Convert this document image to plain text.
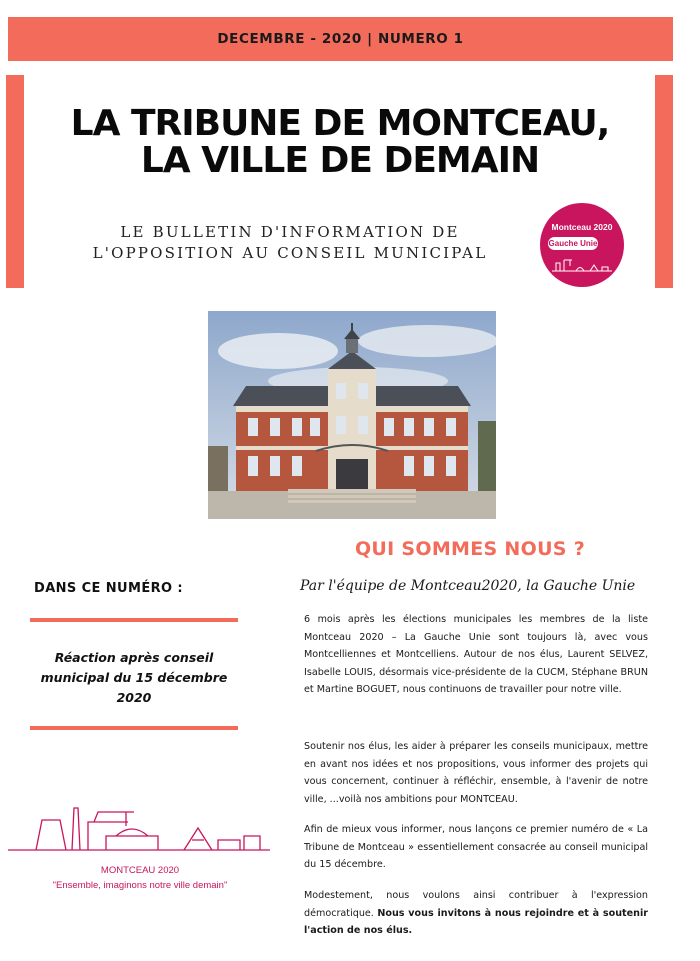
DECEMBRE - 2020 | NUMERO 1
LA TRIBUNE DE MONTCEAU,
LA VILLE DE DEMAIN
LE BULLETIN D'INFORMATION DE
L'OPPOSITION AU CONSEIL MUNICIPAL
Montceau 2020
Gauche Unie
QUI SOMMES NOUS ?
Par l'équipe de Montceau2020, la Gauche Unie
DANS CE NUMÉRO :
Réaction après conseil municipal du 15 décembre 2020
MONTCEAU 2020
"Ensemble, imaginons notre ville demain"

6 mois après les élections municipales les membres de la liste Montceau 2020 – La Gauche Unie sont toujours là, avec vous Montcelliennes et Montcelliens. Autour de nos élus, Laurent SELVEZ, Isabelle LOUIS, désormais vice-présidente de la CUCM, Stéphane BRUN et Martine BOGUET, nous continuons de travailler pour notre ville.

Soutenir nos élus, les aider à préparer les conseils municipaux, mettre en avant nos idées et nos propositions, vous informer des projets qui vous concernent, continuer à réfléchir, ensemble, à l'avenir de notre ville, ...voilà nos ambitions pour MONTCEAU.

Afin de mieux vous informer, nous lançons ce premier numéro de « La Tribune de Montceau » essentiellement consacrée au conseil municipal du 15 décembre.

Modestement, nous voulons ainsi contribuer à l'expression démocratique. Nous vous invitons à nous rejoindre et à soutenir l'action de nos élus.
